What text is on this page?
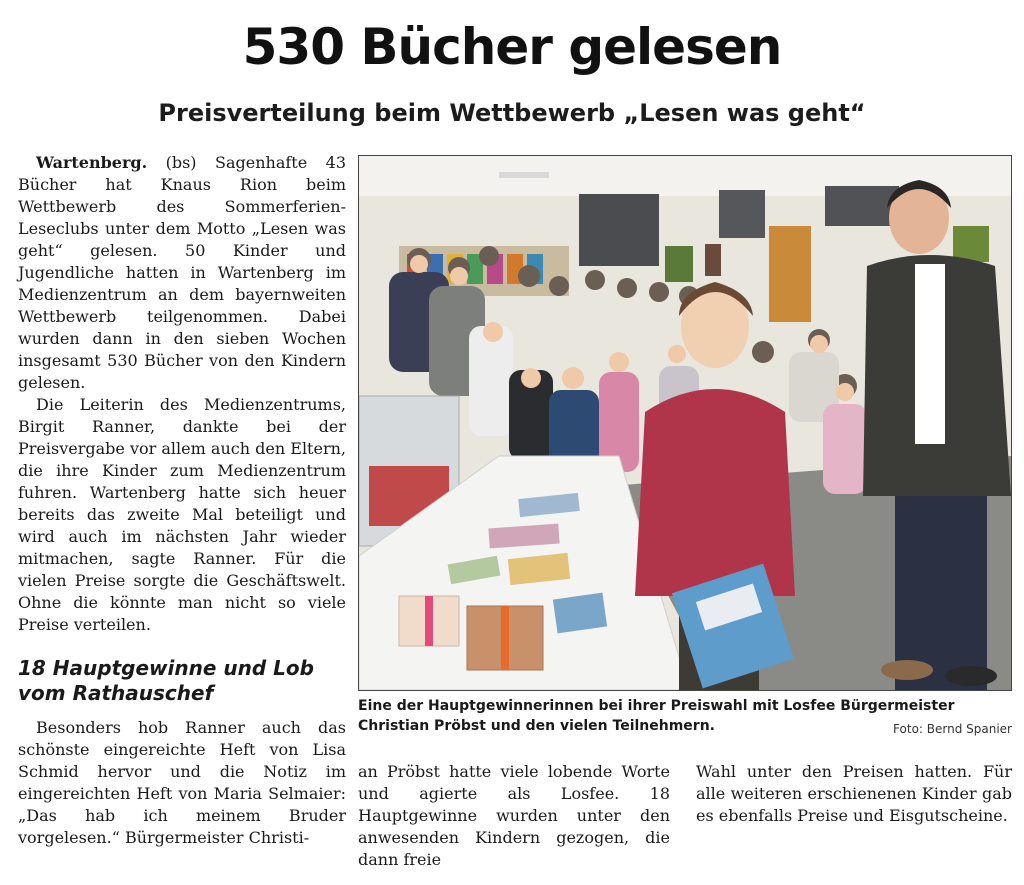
530 Bücher gelesen
Preisverteilung beim Wettbewerb „Lesen was geht“

Wartenberg. (bs) Sagenhafte 43 Bücher hat Knaus Rion beim Wettbewerb des Sommerferien-Leseclubs unter dem Motto „Lesen was geht“ gelesen. 50 Kinder und Jugendliche hatten in Wartenberg im Medienzentrum an dem bayernweiten Wettbewerb teilgenommen. Dabei wurden dann in den sieben Wochen insgesamt 530 Bücher von den Kindern gelesen.

Die Leiterin des Medienzentrums, Birgit Ranner, dankte bei der Preisvergabe vor allem auch den Eltern, die ihre Kinder zum Medienzentrum fuhren. Wartenberg hatte sich heuer bereits das zweite Mal beteiligt und wird auch im nächsten Jahr wieder mitmachen, sagte Ranner. Für die vielen Preise sorgte die Geschäftswelt. Ohne die könnte man nicht so viele Preise verteilen.

18 Hauptgewinne und Lob vom Rathauschef

Besonders hob Ranner auch das schönste eingereichte Heft von Lisa Schmid hervor und die Notiz im eingereichten Heft von Maria Selmaier: „Das hab ich meinem Bruder vorgelesen.“ Bürgermeister Christi-

Eine der Hauptgewinnerinnen bei ihrer Preiswahl mit Losfee Bürgermeister Christian Pröbst und den vielen Teilnehmern.	Foto: Bernd Spanier

an Pröbst hatte viele lobende Worte und agierte als Losfee. 18 Hauptgewinne wurden unter den anwesenden Kindern gezogen, die dann freie

Wahl unter den Preisen hatten. Für alle weiteren erschienenen Kinder gab es ebenfalls Preise und Eisgutscheine.
